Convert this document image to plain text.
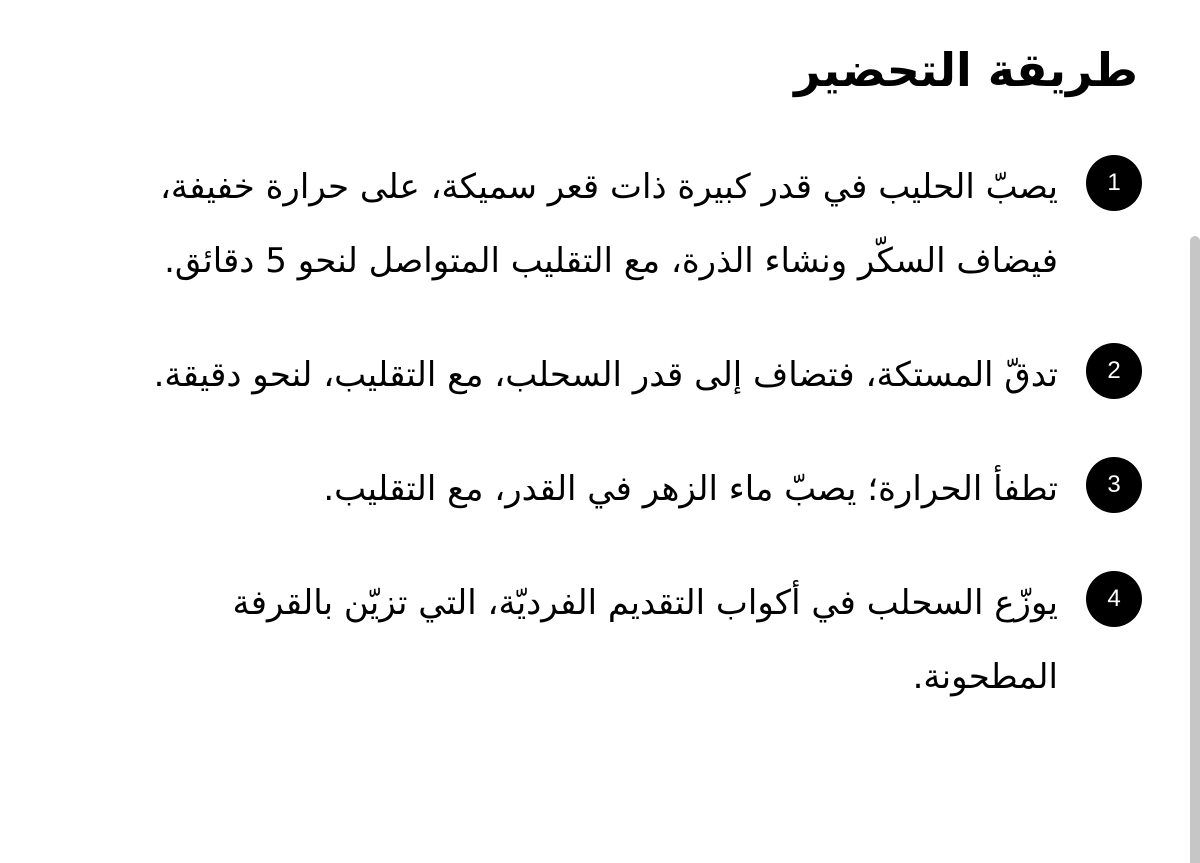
طريقة التحضير
1
يصبّ الحليب في قدر كبيرة ذات قعر سميكة، على حرارة خفيفة، فيضاف السكّر ونشاء الذرة، مع التقليب المتواصل لنحو 5 دقائق.
2
تدقّ المستكة، فتضاف إلى قدر السحلب، مع التقليب، لنحو دقيقة.
3
تطفأ الحرارة؛ يصبّ ماء الزهر في القدر، مع التقليب.
4
يوزّع السحلب في أكواب التقديم الفرديّة، التي تزيّن بالقرفة المطحونة.
